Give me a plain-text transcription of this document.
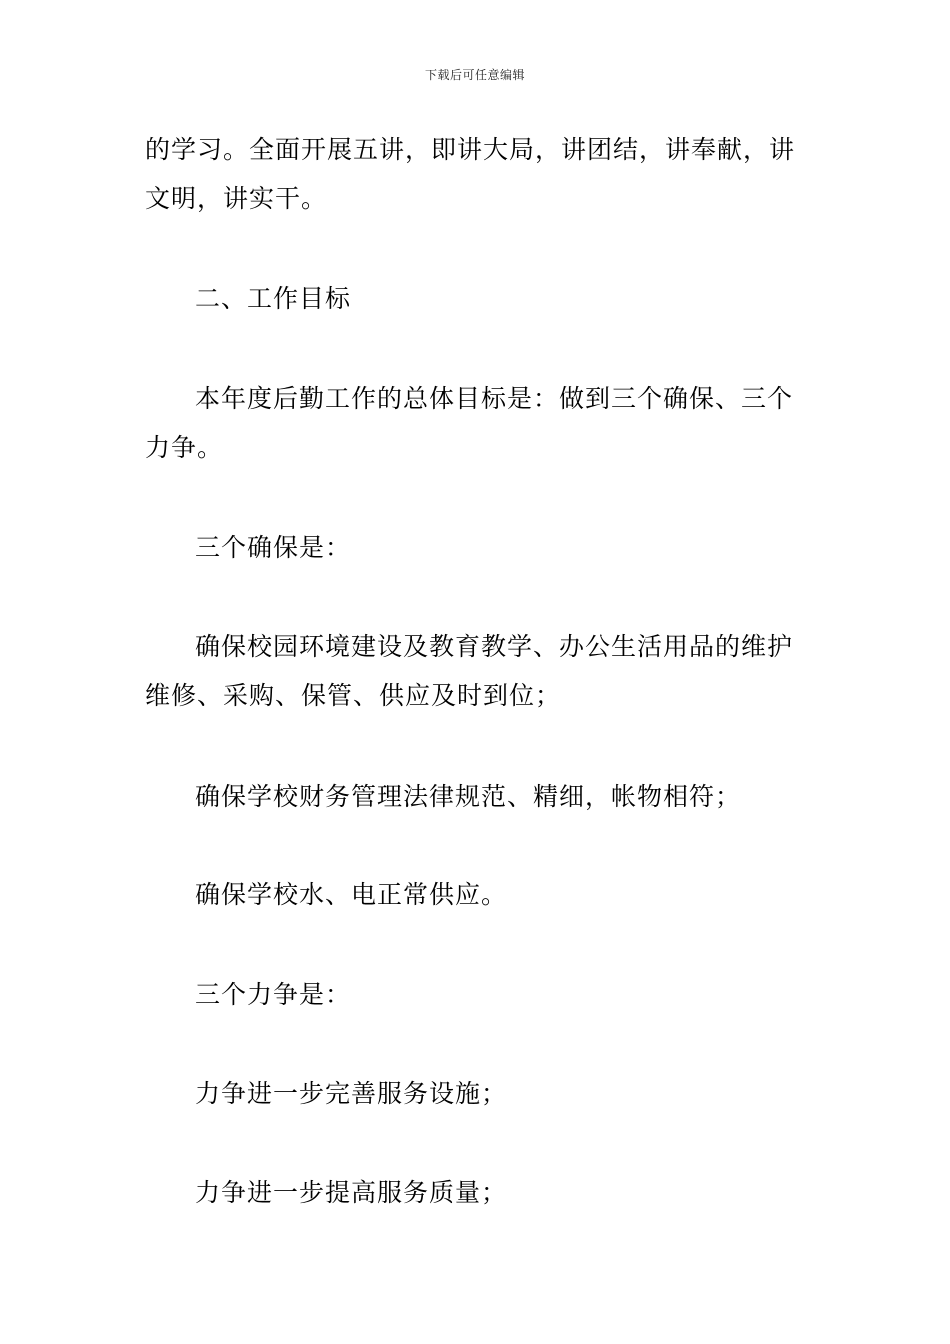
下载后可任意编辑

的学习。全面开展五讲，即讲大局，讲团结，讲奉献，讲文明，讲实干。

二、工作目标

本年度后勤工作的总体目标是：做到三个确保、三个力争。

三个确保是：

确保校园环境建设及教育教学、办公生活用品的维护维修、采购、保管、供应及时到位；

确保学校财务管理法律规范、精细，帐物相符；

确保学校水、电正常供应。

三个力争是：

力争进一步完善服务设施；

力争进一步提高服务质量；
